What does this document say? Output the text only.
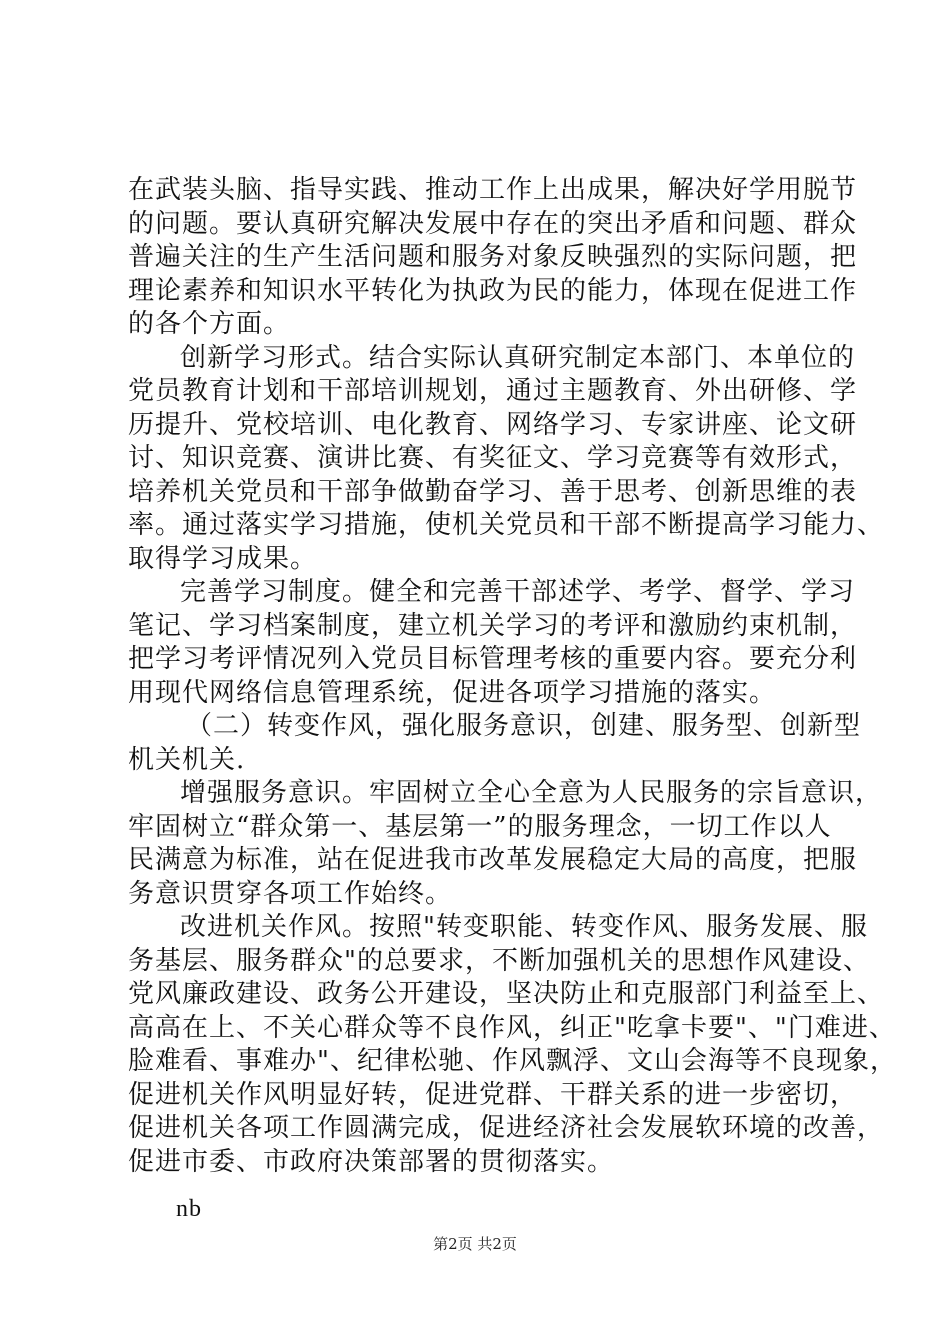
在武装头脑、指导实践、推动工作上出成果，解决好学用脱节
的问题。要认真研究解决发展中存在的突出矛盾和问题、群众
普遍关注的生产生活问题和服务对象反映强烈的实际问题，把
理论素养和知识水平转化为执政为民的能力，体现在促进工作
的各个方面。
创新学习形式。结合实际认真研究制定本部门、本单位的
党员教育计划和干部培训规划，通过主题教育、外出研修、学
历提升、党校培训、电化教育、网络学习、专家讲座、论文研
讨、知识竞赛、演讲比赛、有奖征文、学习竞赛等有效形式，
培养机关党员和干部争做勤奋学习、善于思考、创新思维的表
率。通过落实学习措施，使机关党员和干部不断提高学习能力、
取得学习成果。
完善学习制度。健全和完善干部述学、考学、督学、学习
笔记、学习档案制度，建立机关学习的考评和激励约束机制，
把学习考评情况列入党员目标管理考核的重要内容。要充分利
用现代网络信息管理系统，促进各项学习措施的落实。
（二）转变作风，强化服务意识，创建、服务型、创新型
机关机关.
增强服务意识。牢固树立全心全意为人民服务的宗旨意识，
牢固树立“群众第一、基层第一”的服务理念，一切工作以人
民满意为标准，站在促进我市改革发展稳定大局的高度，把服
务意识贯穿各项工作始终。
改进机关作风。按照"转变职能、转变作风、服务发展、服
务基层、服务群众"的总要求，不断加强机关的思想作风建设、
党风廉政建设、政务公开建设，坚决防止和克服部门利益至上、
高高在上、不关心群众等不良作风，纠正"吃拿卡要"、"门难进、
脸难看、事难办"、纪律松驰、作风飘浮、文山会海等不良现象，
促进机关作风明显好转，促进党群、干群关系的进一步密切，
促进机关各项工作圆满完成，促进经济社会发展软环境的改善，
促进市委、市政府决策部署的贯彻落实。
nb
第2页 共2页
